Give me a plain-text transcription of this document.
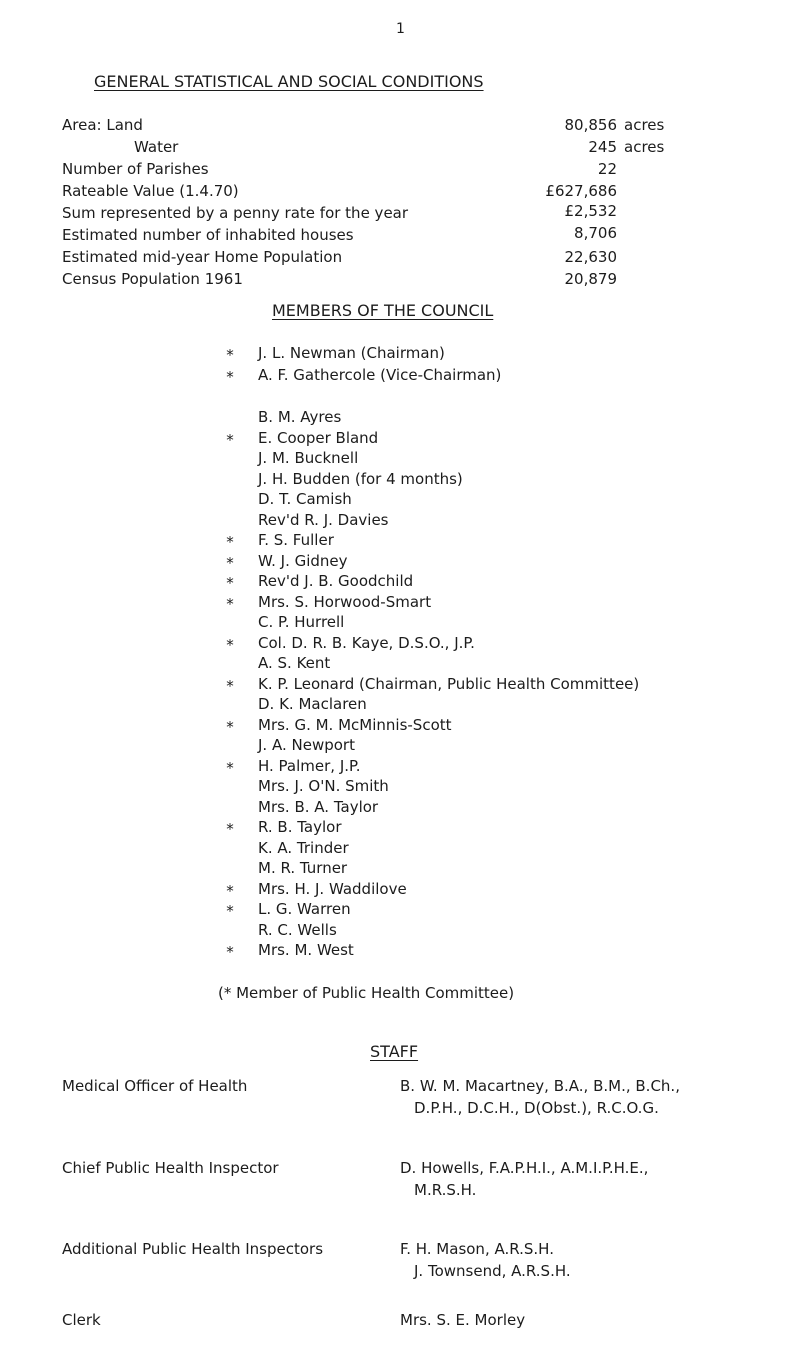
1
GENERAL STATISTICAL AND SOCIAL CONDITIONS
Area: Land	80,856 acres
Water	245 acres
Number of Parishes	22
Rateable Value (1.4.70)	£627,686
Sum represented by a penny rate for the year	£2,532
Estimated number of inhabited houses	8,706
Estimated mid-year Home Population	22,630
Census Population 1961	20,879
MEMBERS OF THE COUNCIL
* J. L. Newman (Chairman)
* A. F. Gathercole (Vice-Chairman)
B. M. Ayres
* E. Cooper Bland
J. M. Bucknell
J. H. Budden (for 4 months)
D. T. Camish
Rev'd R. J. Davies
* F. S. Fuller
* W. J. Gidney
* Rev'd J. B. Goodchild
* Mrs. S. Horwood-Smart
C. P. Hurrell
* Col. D. R. B. Kaye, D.S.O., J.P.
A. S. Kent
* K. P. Leonard (Chairman, Public Health Committee)
D. K. Maclaren
* Mrs. G. M. McMinnis-Scott
J. A. Newport
* H. Palmer, J.P.
Mrs. J. O'N. Smith
Mrs. B. A. Taylor
* R. B. Taylor
K. A. Trinder
M. R. Turner
* Mrs. H. J. Waddilove
* L. G. Warren
R. C. Wells
* Mrs. M. West
(* Member of Public Health Committee)
STAFF
Medical Officer of Health	B. W. M. Macartney, B.A., B.M., B.Ch.,
D.P.H., D.C.H., D(Obst.), R.C.O.G.
Chief Public Health Inspector	D. Howells, F.A.P.H.I., A.M.I.P.H.E.,
M.R.S.H.
Additional Public Health Inspectors	F. H. Mason, A.R.S.H.
J. Townsend, A.R.S.H.
Clerk	Mrs. S. E. Morley
